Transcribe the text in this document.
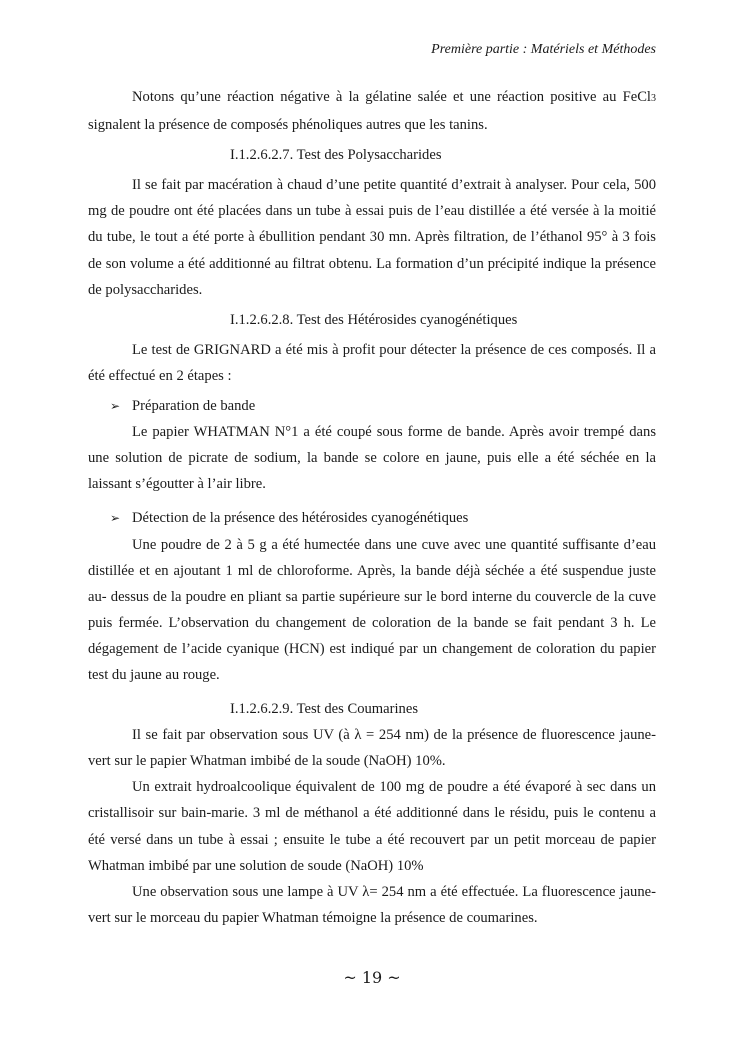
Première partie : Matériels et Méthodes

Notons qu’une réaction négative à la gélatine salée et une réaction positive au FeCl3 signalent la présence de composés phénoliques autres que les tanins.

I.1.2.6.2.7. Test des Polysaccharides

Il se fait par macération à chaud d’une petite quantité d’extrait à analyser. Pour cela, 500 mg de poudre ont été placées dans un tube à essai puis de l’eau distillée a été versée à la moitié du tube, le tout a été porte à ébullition pendant 30 mn. Après filtration, de l’éthanol 95° à 3 fois de son volume a été additionné au filtrat obtenu. La formation d’un précipité indique la présence de polysaccharides.

I.1.2.6.2.8. Test des Hétérosides cyanogénétiques

Le test de GRIGNARD a été mis à profit pour détecter la présence de ces composés. Il a été effectué en 2 étapes :

➢ Préparation de bande

Le papier WHATMAN N°1 a été coupé sous forme de bande. Après avoir trempé dans une solution de picrate de sodium, la bande se colore en jaune, puis elle a été séchée en la laissant s’égoutter à l’air libre.

➢ Détection de la présence des hétérosides cyanogénétiques

Une poudre de 2 à 5 g a été humectée dans une cuve avec une quantité suffisante d’eau distillée et en ajoutant 1 ml de chloroforme. Après, la bande déjà séchée a été suspendue juste au- dessus de la poudre en pliant sa partie supérieure sur le bord interne du couvercle de la cuve puis fermée. L’observation du changement de coloration de la bande se fait pendant 3 h. Le dégagement de l’acide cyanique (HCN) est indiqué par un changement de coloration du papier test du jaune au rouge.

I.1.2.6.2.9. Test des Coumarines

Il se fait par observation sous UV (à λ = 254 nm) de la présence de fluorescence jaune-vert sur le papier Whatman imbibé de la soude (NaOH) 10%.

Un extrait hydroalcoolique équivalent de 100 mg de poudre a été évaporé à sec dans un cristallisoir sur bain-marie. 3 ml de méthanol a été additionné dans le résidu, puis le contenu a été versé dans un tube à essai ; ensuite le tube a été recouvert par un petit morceau de papier Whatman imbibé par une solution de soude (NaOH) 10%

Une observation sous une lampe à UV λ= 254 nm a été effectuée. La fluorescence jaune-vert sur le morceau du papier Whatman témoigne la présence de coumarines.

~ 19 ~
